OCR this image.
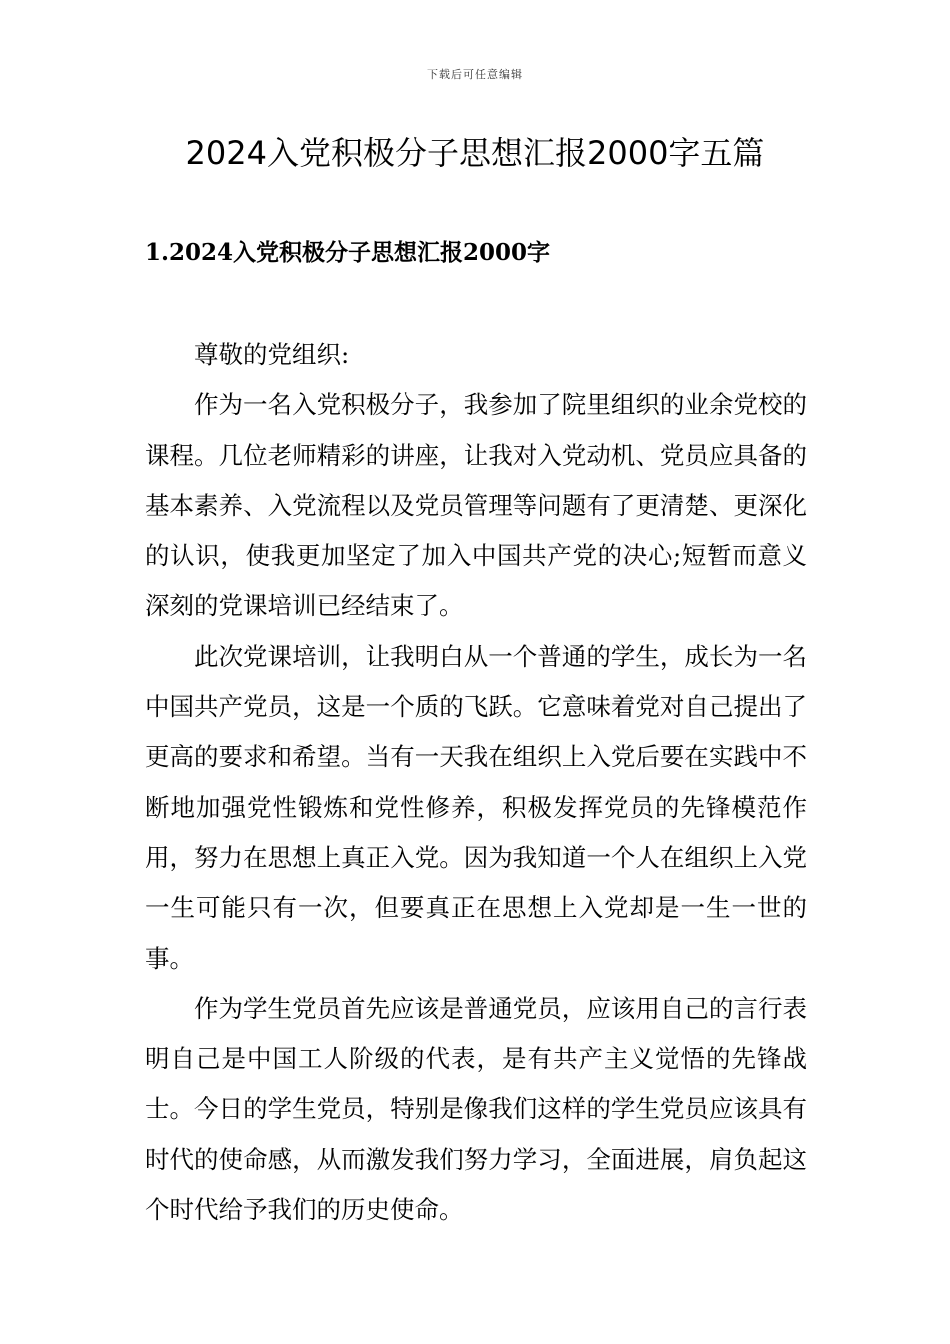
下载后可任意编辑
2024入党积极分子思想汇报2000字五篇
1.2024入党积极分子思想汇报2000字

尊敬的党组织:

作为一名入党积极分子，我参加了院里组织的业余党校的课程。几位老师精彩的讲座，让我对入党动机、党员应具备的基本素养、入党流程以及党员管理等问题有了更清楚、更深化的认识，使我更加坚定了加入中国共产党的决心;短暂而意义深刻的党课培训已经结束了。

此次党课培训，让我明白从一个普通的学生，成长为一名中国共产党员，这是一个质的飞跃。它意味着党对自己提出了更高的要求和希望。当有一天我在组织上入党后要在实践中不断地加强党性锻炼和党性修养，积极发挥党员的先锋模范作用，努力在思想上真正入党。因为我知道一个人在组织上入党一生可能只有一次，但要真正在思想上入党却是一生一世的事。

作为学生党员首先应该是普通党员，应该用自己的言行表明自己是中国工人阶级的代表，是有共产主义觉悟的先锋战士。今日的学生党员，特别是像我们这样的学生党员应该具有时代的使命感，从而激发我们努力学习，全面进展，肩负起这个时代给予我们的历史使命。
